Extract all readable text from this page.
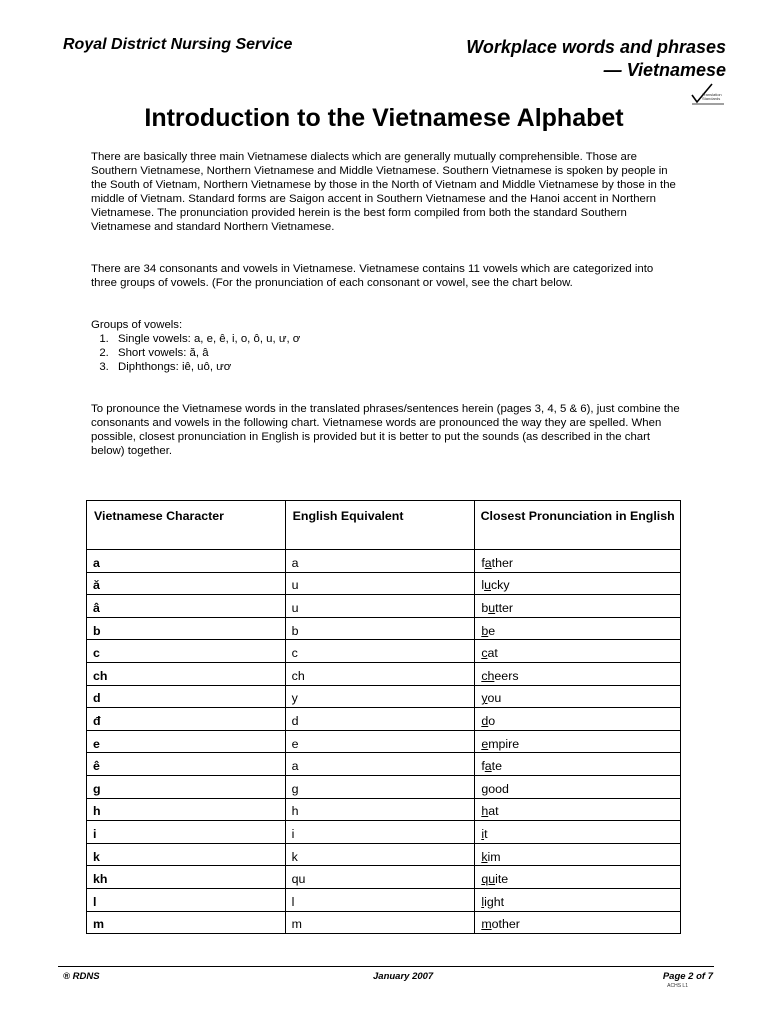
Royal District Nursing Service	Workplace words and phrases
— Vietnamese
Translation
Standards
Introduction to the Vietnamese Alphabet
There are basically three main Vietnamese dialects which are generally mutually comprehensible. Those are Southern Vietnamese, Northern Vietnamese and Middle Vietnamese. Southern Vietnamese is spoken by people in the South of Vietnam, Northern Vietnamese by those in the North of Vietnam and Middle Vietnamese by those in the middle of Vietnam. Standard forms are Saigon accent in Southern Vietnamese and the Hanoi accent in Northern Vietnamese. The pronunciation provided herein is the best form compiled from both the standard Southern Vietnamese and standard Northern Vietnamese.
There are 34 consonants and vowels in Vietnamese. Vietnamese contains 11 vowels which are categorized into three groups of vowels. (For the pronunciation of each consonant or vowel, see the chart below.
Groups of vowels:
1. Single vowels: a, e, ê, i, o, ô, u, ư, ơ
2. Short vowels: ă, â
3. Diphthongs: iê, uô, ươ
To pronounce the Vietnamese words in the translated phrases/sentences herein (pages 3, 4, 5 & 6), just combine the consonants and vowels in the following chart. Vietnamese words are pronounced the way they are spelled. When possible, closest pronunciation in English is provided but it is better to put the sounds (as described in the chart below) together.
Vietnamese Character	English Equivalent	Closest Pronunciation in English
a	a	father
ă	u	lucky
â	u	butter
b	b	be
c	c	cat
ch	ch	cheers
d	y	you
đ	d	do
e	e	empire
ê	a	fate
g	g	good
h	h	hat
i	i	it
k	k	kim
kh	qu	quite
l	l	light
m	m	mother
® RDNS	January 2007	Page 2 of 7
ACHS L1
